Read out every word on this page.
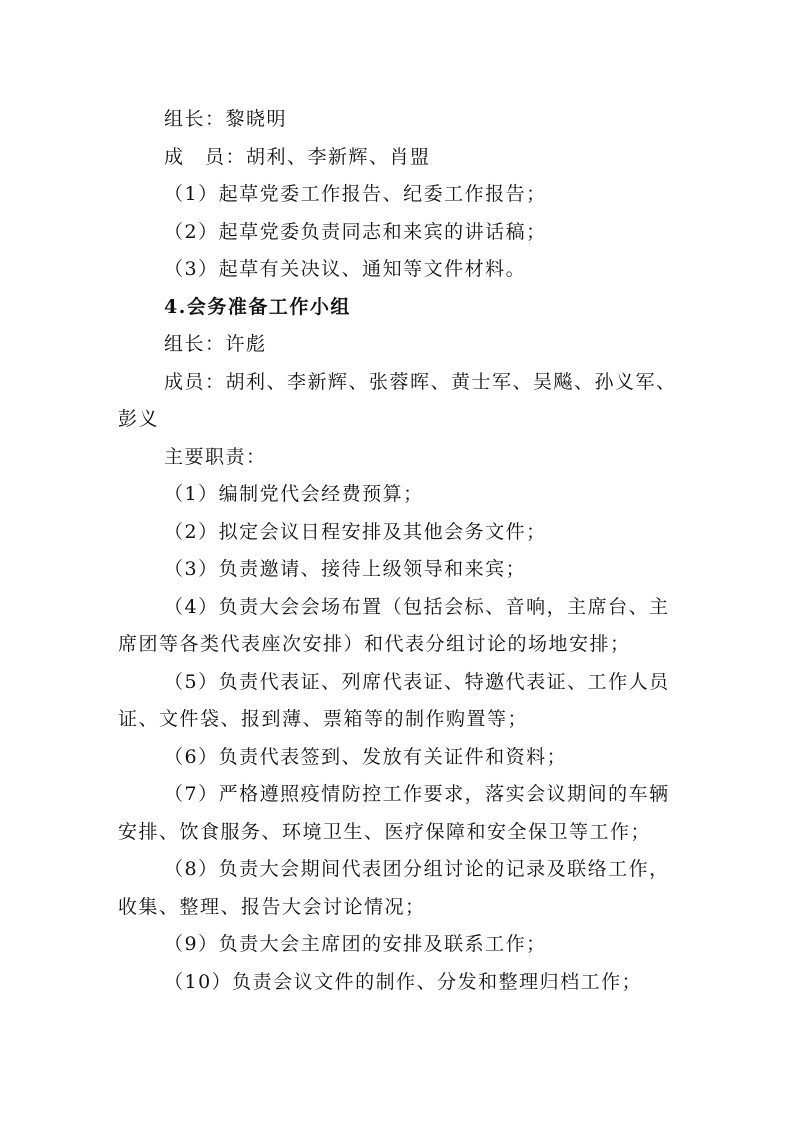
组长：黎晓明
成　员：胡利、李新辉、肖盟
（1）起草党委工作报告、纪委工作报告；
（2）起草党委负责同志和来宾的讲话稿；
（3）起草有关决议、通知等文件材料。
4.会务准备工作小组
组长：许彪
成员：胡利、李新辉、张蓉晖、黄士军、吴飚、孙义军、
彭义
主要职责：
（1）编制党代会经费预算；
（2）拟定会议日程安排及其他会务文件；
（3）负责邀请、接待上级领导和来宾；
（4）负责大会会场布置（包括会标、音响，主席台、主
席团等各类代表座次安排）和代表分组讨论的场地安排；
（5）负责代表证、列席代表证、特邀代表证、工作人员
证、文件袋、报到薄、票箱等的制作购置等；
（6）负责代表签到、发放有关证件和资料；
（7）严格遵照疫情防控工作要求，落实会议期间的车辆
安排、饮食服务、环境卫生、医疗保障和安全保卫等工作；
（8）负责大会期间代表团分组讨论的记录及联络工作，
收集、整理、报告大会讨论情况；
（9）负责大会主席团的安排及联系工作；
（10）负责会议文件的制作、分发和整理归档工作；
